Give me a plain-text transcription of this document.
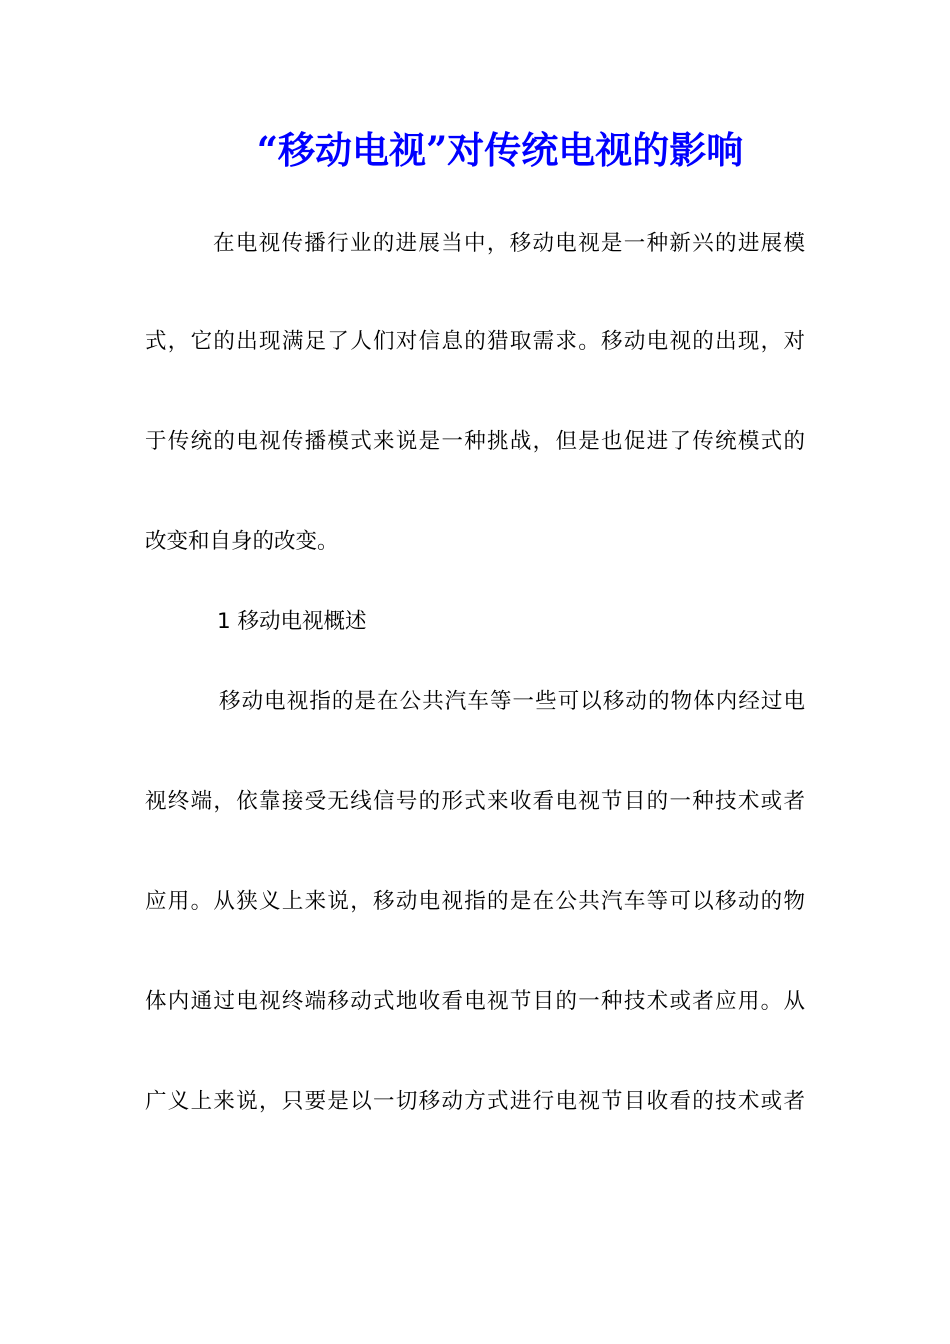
“移动电视”对传统电视的影响

在电视传播行业的进展当中，移动电视是一种新兴的进展模

式，它的出现满足了人们对信息的猎取需求。移动电视的出现，对

于传统的电视传播模式来说是一种挑战，但是也促进了传统模式的

改变和自身的改变。

1 移动电视概述

移动电视指的是在公共汽车等一些可以移动的物体内经过电

视终端，依靠接受无线信号的形式来收看电视节目的一种技术或者

应用。从狭义上来说，移动电视指的是在公共汽车等可以移动的物

体内通过电视终端移动式地收看电视节目的一种技术或者应用。从

广义上来说，只要是以一切移动方式进行电视节目收看的技术或者
